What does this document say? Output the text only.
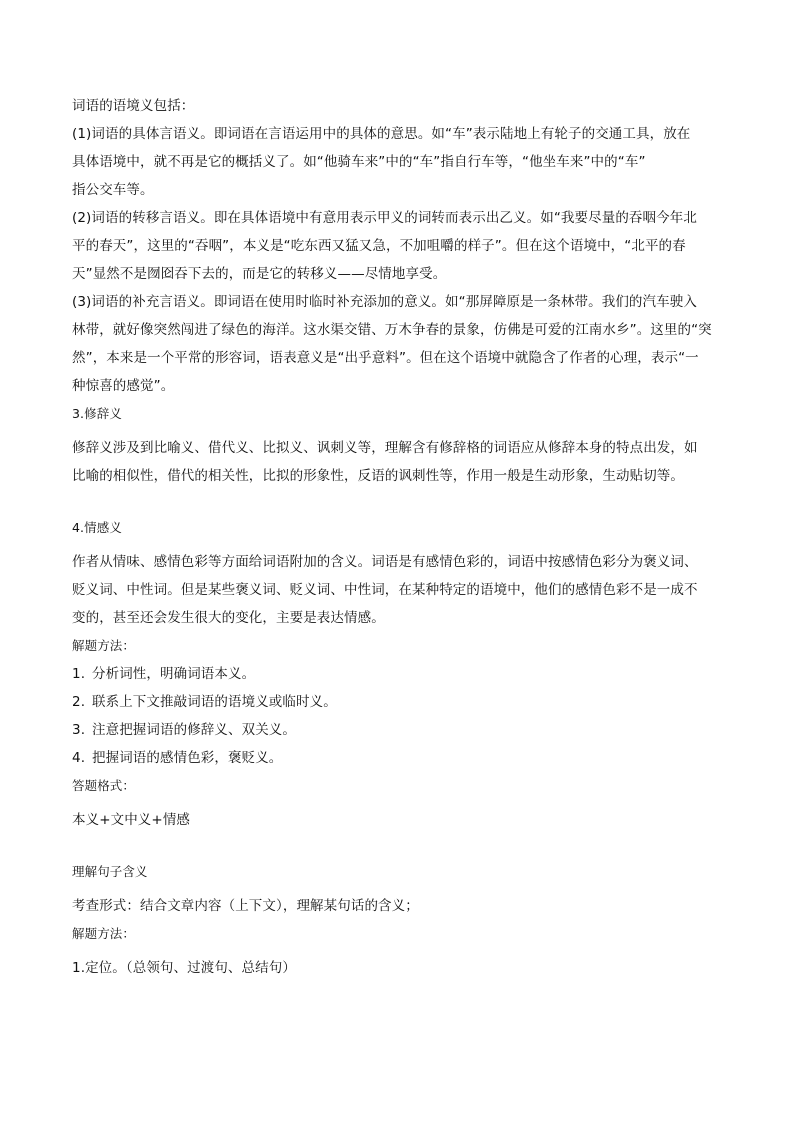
词语的语境义包括：
(1)词语的具体言语义。即词语在言语运用中的具体的意思。如“车”表示陆地上有轮子的交通工具，放在
具体语境中，就不再是它的概括义了。如“他骑车来”中的“车”指自行车等，“他坐车来”中的“车”
指公交车等。
(2)词语的转移言语义。即在具体语境中有意用表示甲义的词转而表示出乙义。如“我要尽量的吞咽今年北
平的春天”，这里的“吞咽”，本义是“吃东西又猛又急，不加咀嚼的样子”。但在这个语境中，“北平的春
天”显然不是囫囵吞下去的，而是它的转移义——尽情地享受。
(3)词语的补充言语义。即词语在使用时临时补充添加的意义。如“那屏障原是一条林带。我们的汽车驶入
林带，就好像突然闯进了绿色的海洋。这水渠交错、万木争春的景象，仿佛是可爱的江南水乡”。这里的“突
然”，本来是一个平常的形容词，语表意义是“出乎意料”。但在这个语境中就隐含了作者的心理，表示“一
种惊喜的感觉”。
3.修辞义
修辞义涉及到比喻义、借代义、比拟义、讽刺义等，理解含有修辞格的词语应从修辞本身的特点出发，如
比喻的相似性，借代的相关性，比拟的形象性，反语的讽刺性等，作用一般是生动形象，生动贴切等。
4.情感义
作者从情味、感情色彩等方面给词语附加的含义。词语是有感情色彩的，词语中按感情色彩分为褒义词、
贬义词、中性词。但是某些褒义词、贬义词、中性词，在某种特定的语境中，他们的感情色彩不是一成不
变的，甚至还会发生很大的变化，主要是表达情感。
解题方法：
1. 分析词性，明确词语本义。
2. 联系上下文推敲词语的语境义或临时义。
3. 注意把握词语的修辞义、双关义。
4. 把握词语的感情色彩，褒贬义。
答题格式：
本义+文中义+情感
理解句子含义
考查形式：结合文章内容（上下文），理解某句话的含义；
解题方法：
1.定位。（总领句、过渡句、总结句）
